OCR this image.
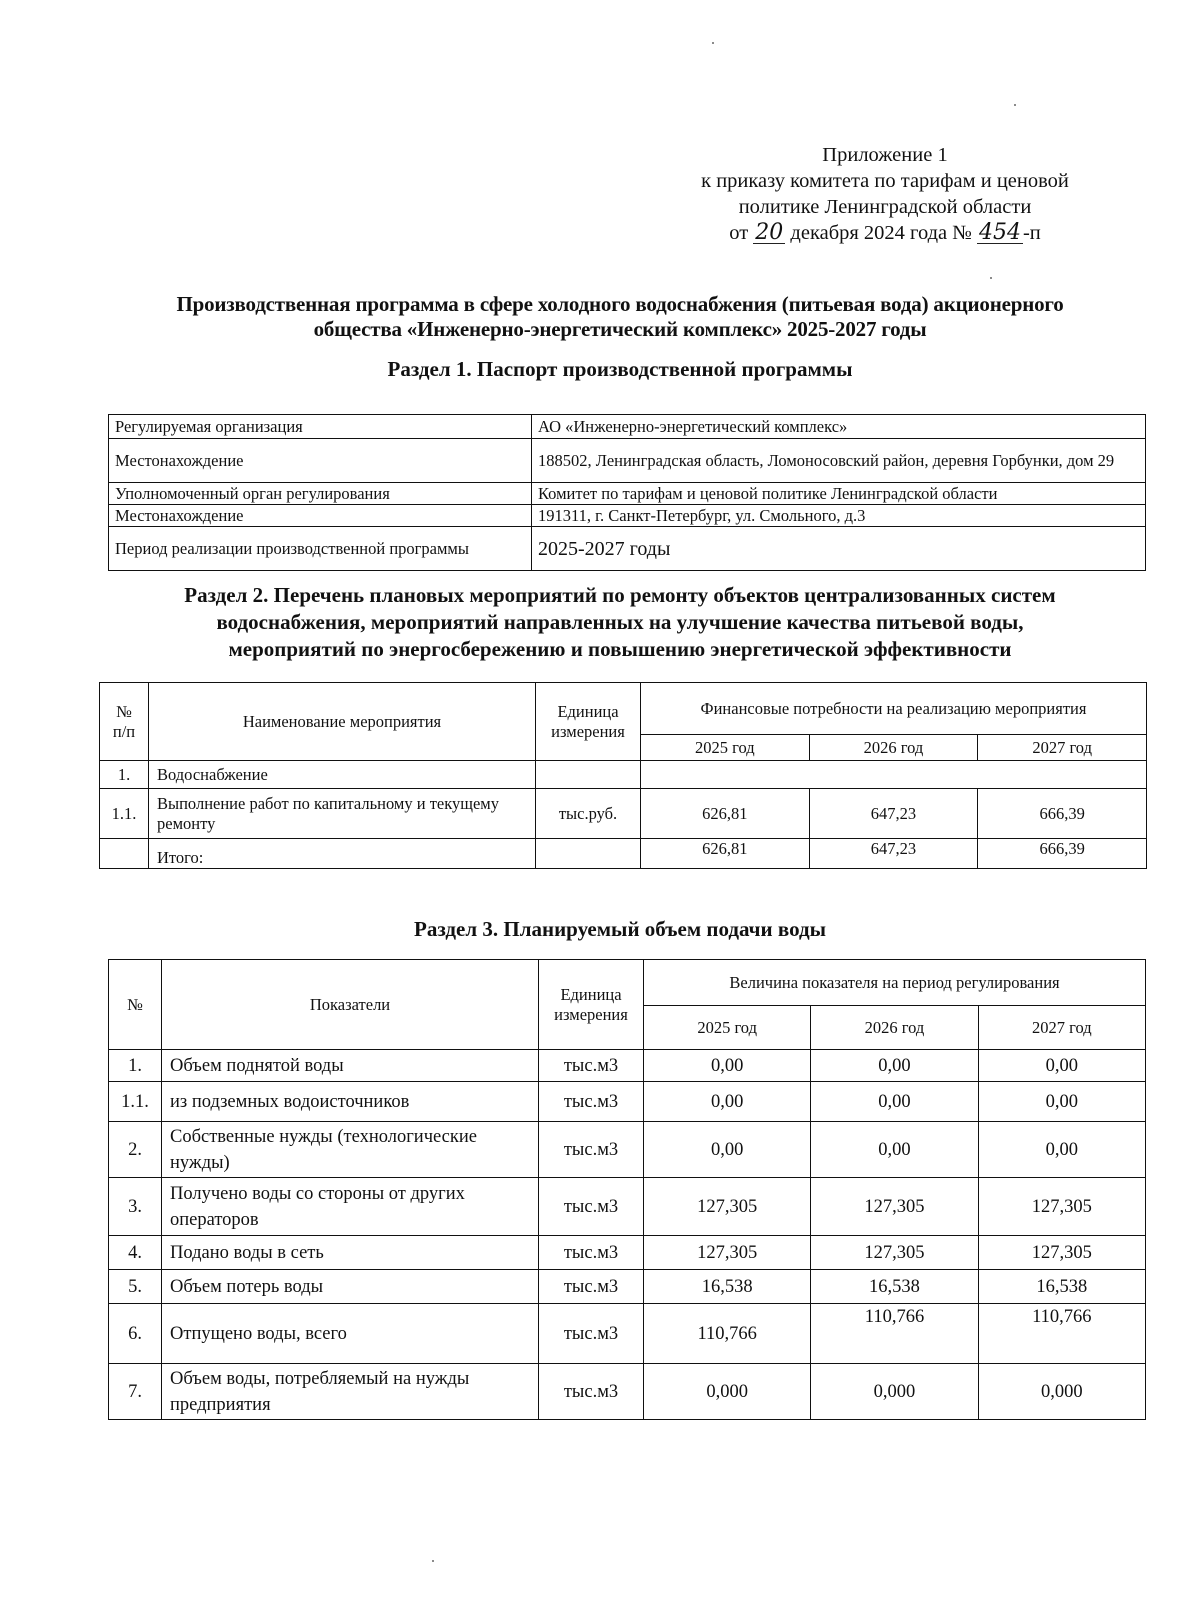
Приложение 1
к приказу комитета по тарифам и ценовой
политике Ленинградской области
от 20 декабря 2024 года № 454-п
Производственная программа в сфере холодного водоснабжения (питьевая вода) акционерного
общества «Инженерно-энергетический комплекс» 2025-2027 годы
Раздел 1. Паспорт производственной программы
Регулируемая организация	АО «Инженерно-энергетический комплекс»
Местонахождение	188502, Ленинградская область, Ломоносовский район, деревня Горбунки, дом 29
Уполномоченный орган регулирования	Комитет по тарифам и ценовой политике Ленинградской области
Местонахождение	191311, г. Санкт-Петербург, ул. Смольного, д.3
Период реализации производственной программы	2025-2027 годы
Раздел 2. Перечень плановых мероприятий по ремонту объектов централизованных систем
водоснабжения, мероприятий направленных на улучшение качества питьевой воды,
мероприятий по энергосбережению и повышению энергетической эффективности
№ п/п	Наименование мероприятия	Единица измерения	Финансовые потребности на реализацию мероприятия		
			2025 год	2026 год	2027 год
1.	Водоснабжение				
1.1.	Выполнение работ по капитальному и текущему ремонту	тыс.руб.	626,81	647,23	666,39
	Итого:		626,81	647,23	666,39
Раздел 3. Планируемый объем подачи воды
№	Показатели	Единица измерения	Величина показателя на период регулирования		
			2025 год	2026 год	2027 год
1.	Объем поднятой воды	тыс.м3	0,00	0,00	0,00
1.1.	из подземных водоисточников	тыс.м3	0,00	0,00	0,00
2.	Собственные нужды (технологические нужды)	тыс.м3	0,00	0,00	0,00
3.	Получено воды со стороны от других операторов	тыс.м3	127,305	127,305	127,305
4.	Подано воды в сеть	тыс.м3	127,305	127,305	127,305
5.	Объем потерь воды	тыс.м3	16,538	16,538	16,538
6.	Отпущено воды, всего	тыс.м3	110,766	110,766	110,766
7.	Объем воды, потребляемый на нужды предприятия	тыс.м3	0,000	0,000	0,000
